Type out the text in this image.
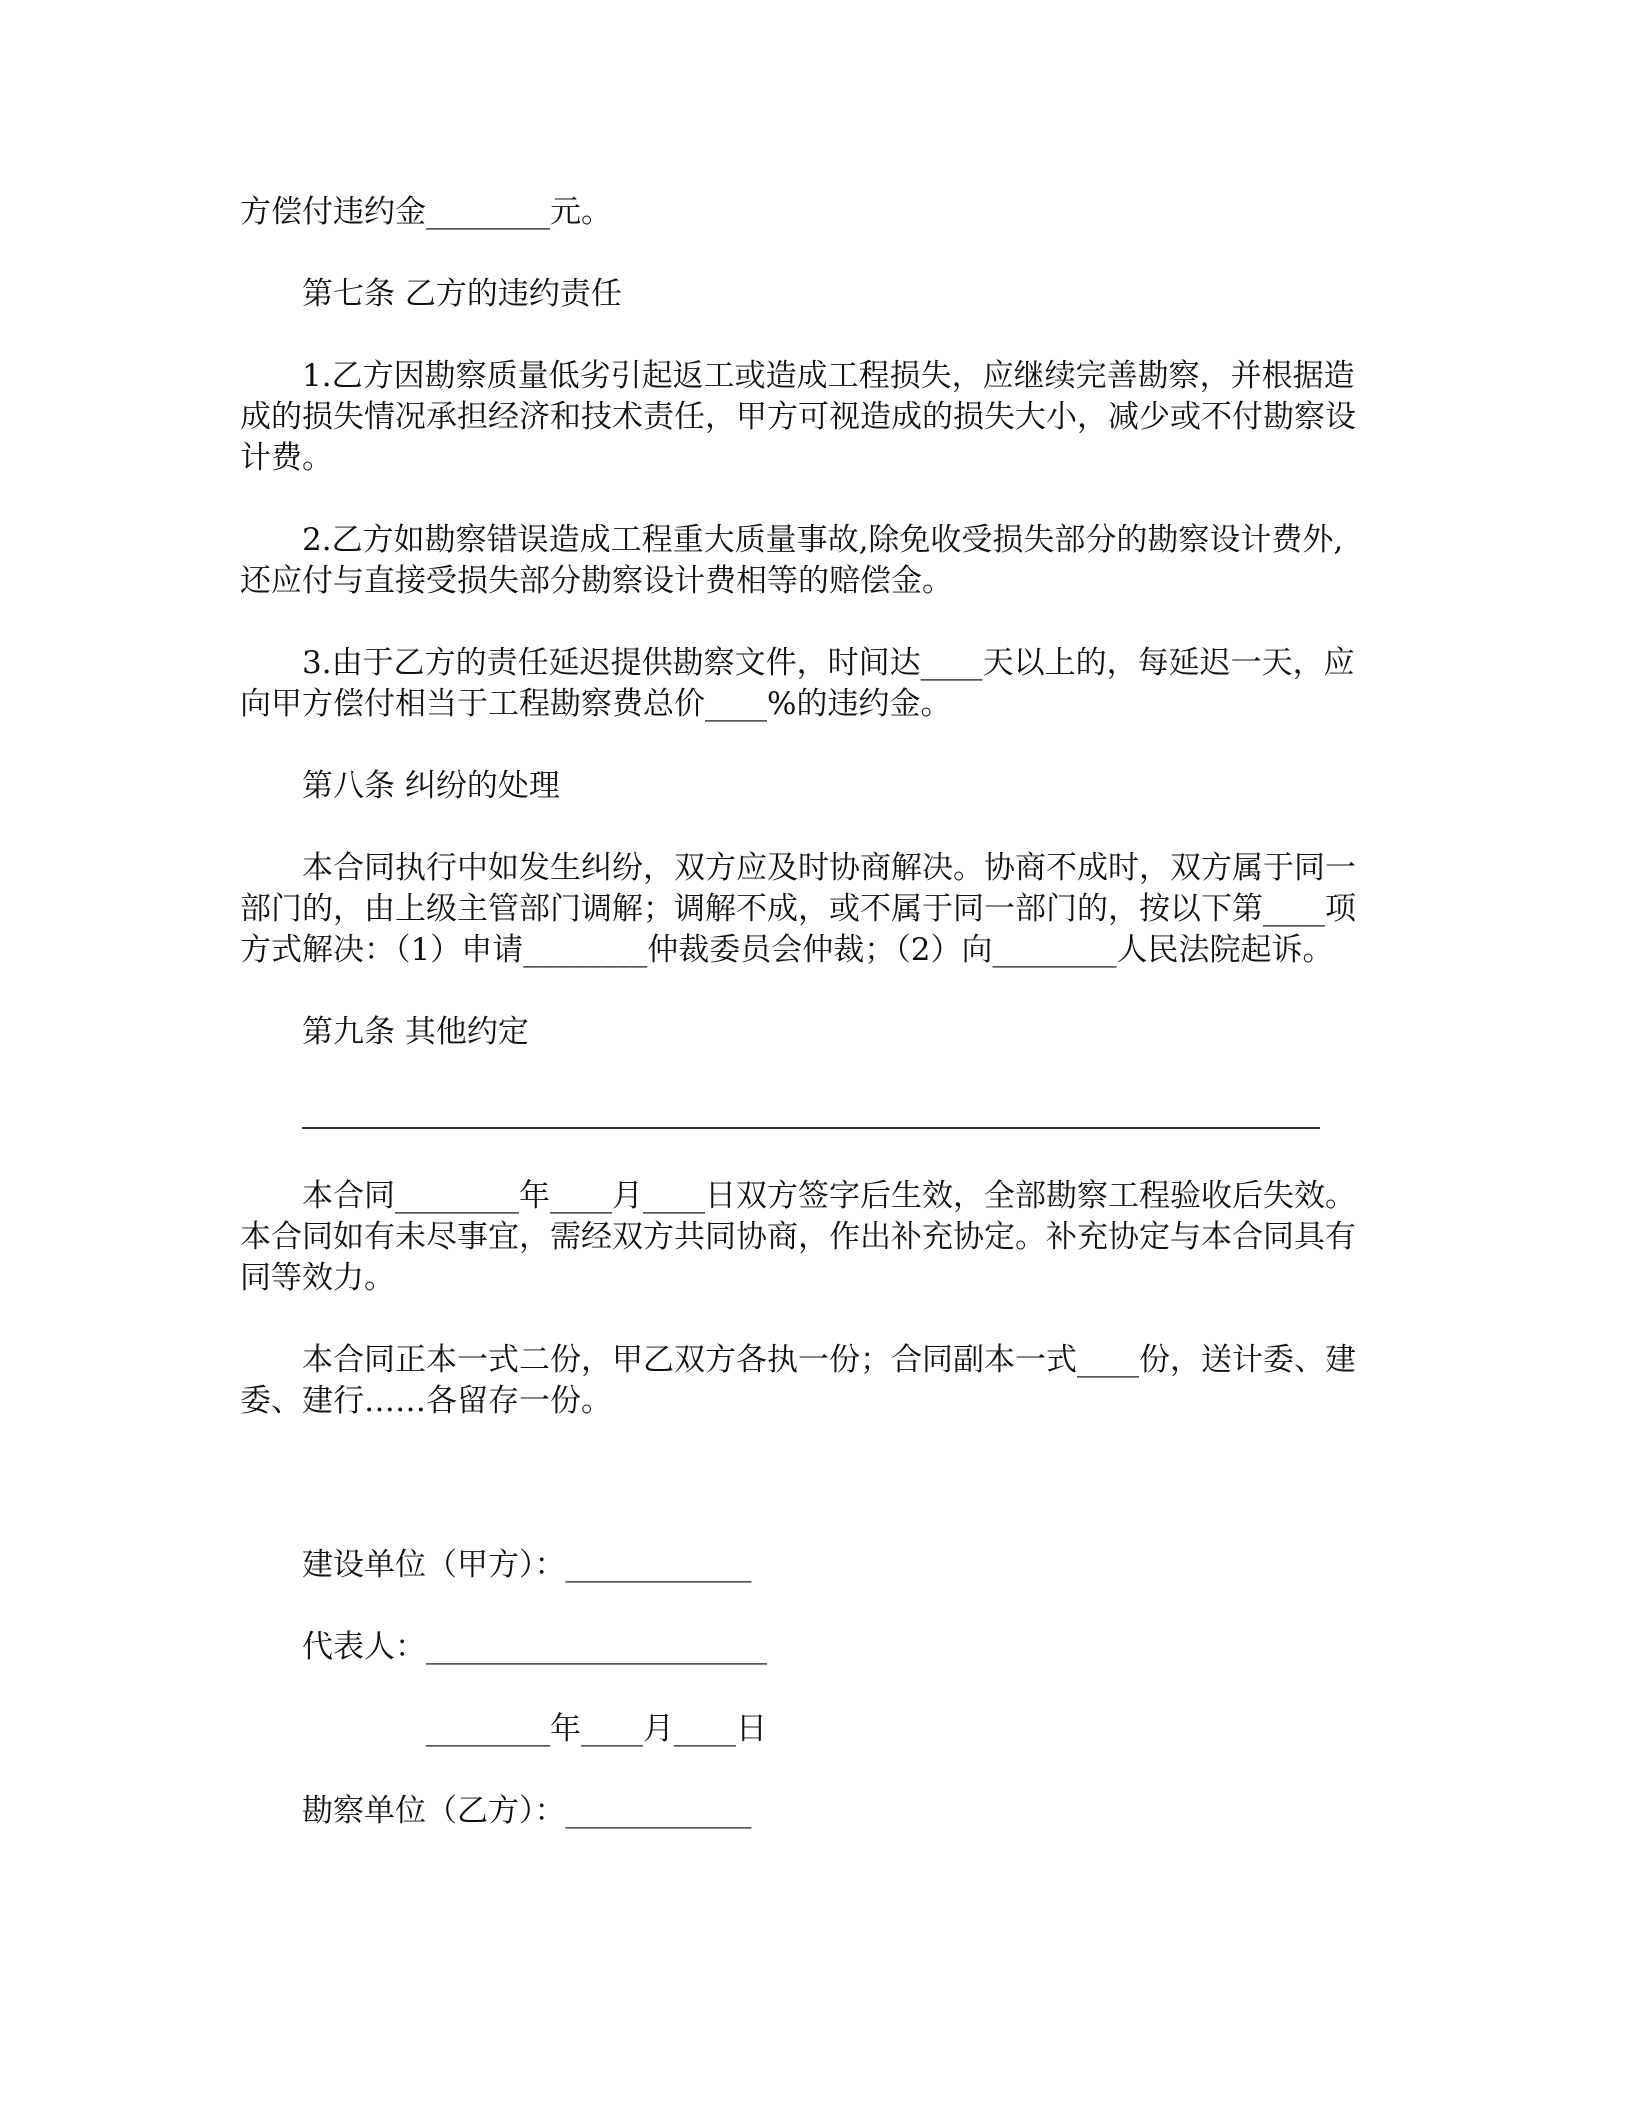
方偿付违约金________元。

第七条 乙方的违约责任

1.乙方因勘察质量低劣引起返工或造成工程损失，应继续完善勘察，并根据造

成的损失情况承担经济和技术责任，甲方可视造成的损失大小，减少或不付勘察设

计费。

2.乙方如勘察错误造成工程重大质量事故,除免收受损失部分的勘察设计费外,

还应付与直接受损失部分勘察设计费相等的赔偿金。

3.由于乙方的责任延迟提供勘察文件，时间达____天以上的，每延迟一天，应

向甲方偿付相当于工程勘察费总价____%的违约金。

第八条 纠纷的处理

本合同执行中如发生纠纷，双方应及时协商解决。协商不成时，双方属于同一

部门的，由上级主管部门调解；调解不成，或不属于同一部门的，按以下第____项

方式解决：（1）申请________仲裁委员会仲裁；（2）向________人民法院起诉。

第九条 其他约定

本合同________年____月____日双方签字后生效，全部勘察工程验收后失效。

本合同如有未尽事宜，需经双方共同协商，作出补充协定。补充协定与本合同具有

同等效力。

本合同正本一式二份，甲乙双方各执一份；合同副本一式____份，送计委、建

委、建行……各留存一份。

建设单位（甲方）：____________

代表人：______________________

________年____月____日

勘察单位（乙方）：____________
